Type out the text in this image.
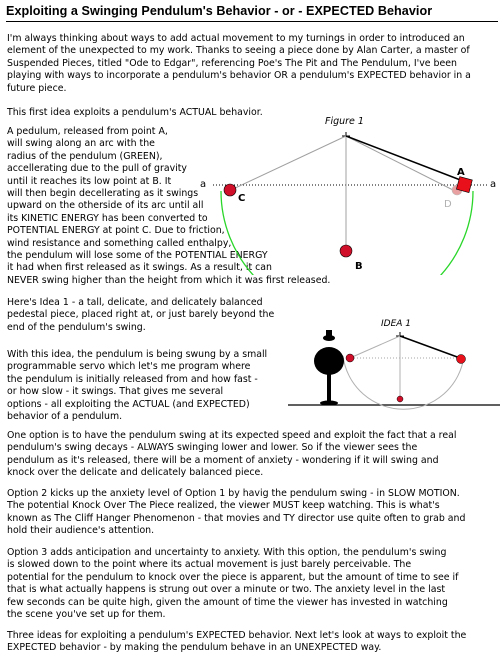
Exploiting a Swinging Pendulum's Behavior - or - EXPECTED Behavior
I'm always thinking about ways to add actual movement to my turnings in order to introduced an
element of the unexpected to my work. Thanks to seeing a piece done by Alan Carter, a master of
Suspended Pieces, titled "Ode to Edgar", referencing Poe's The Pit and The Pendulum, I've been
playing with ways to incorporate a pendulum's behavior OR a pendulum's EXPECTED behavior in a
future piece.
This first idea exploits a pendulum's ACTUAL behavior.
A pedulum, released from point A,
will swing along an arc with the
radius of the pendulum (GREEN),
accellerating due to the pull of gravity
until it reaches its low point at B. It
will then begin decellerating as it swings
upward on the otherside of its arc until all
its KINETIC ENERGY has been converted to
POTENTIAL ENERGY at point C. Due to friction,
wind resistance and something called enthalpy,
the pendulum will lose some of the POTENTIAL ENERGY
it had when first released as it swings. As a result, it can
NEVER swing higher than the height from which it was first released.
Here's Idea 1 - a tall, delicate, and delicately balanced
pedestal piece, placed right at, or just barely beyond the
end of the pendulum's swing.
With this idea, the pendulum is being swung by a small
programmable servo which let's me program where
the pendulum is initially released from and how fast -
or how slow - it swings. That gives me several
options - all exploiting the ACTUAL (and EXPECTED)
behavior of a pendulum.
One option is to have the pendulum swing at its expected speed and exploit the fact that a real
pendulum's swing decays - ALWAYS swinging lower and lower. So if the viewer sees the
pendulum as it's released, there will be a moment of anxiety - wondering if it will swing and
knock over the delicate and delicately balanced piece.
Option 2 kicks up the anxiety level of Option 1 by havig the pendulum swing - in SLOW MOTION.
The potential Knock Over The Piece realized, the viewer MUST keep watching. This is what's
known as The Cliff Hanger Phenomenon - that movies and TY director use quite often to grab and
hold their audience's attention.
Option 3 adds anticipation and uncertainty to anxiety. With this option, the pendulum's swing
is slowed down to the point where its actual movement is just barely perceivable. The
potential for the pendulum to knock over the piece is apparent, but the amount of time to see if
that is what actually happens is strung out over a minute or two. The anxiety level in the last
few seconds can be quite high, given the amount of time the viewer has invested in watching
the scene you've set up for them.
Three ideas for exploiting a pendulum's EXPECTED behavior. Next let's look at ways to exploit the
EXPECTED behavior - by making the pendulum behave in an UNEXPECTED way.
Figure 1
a	a
A
B
C
D
IDEA 1
